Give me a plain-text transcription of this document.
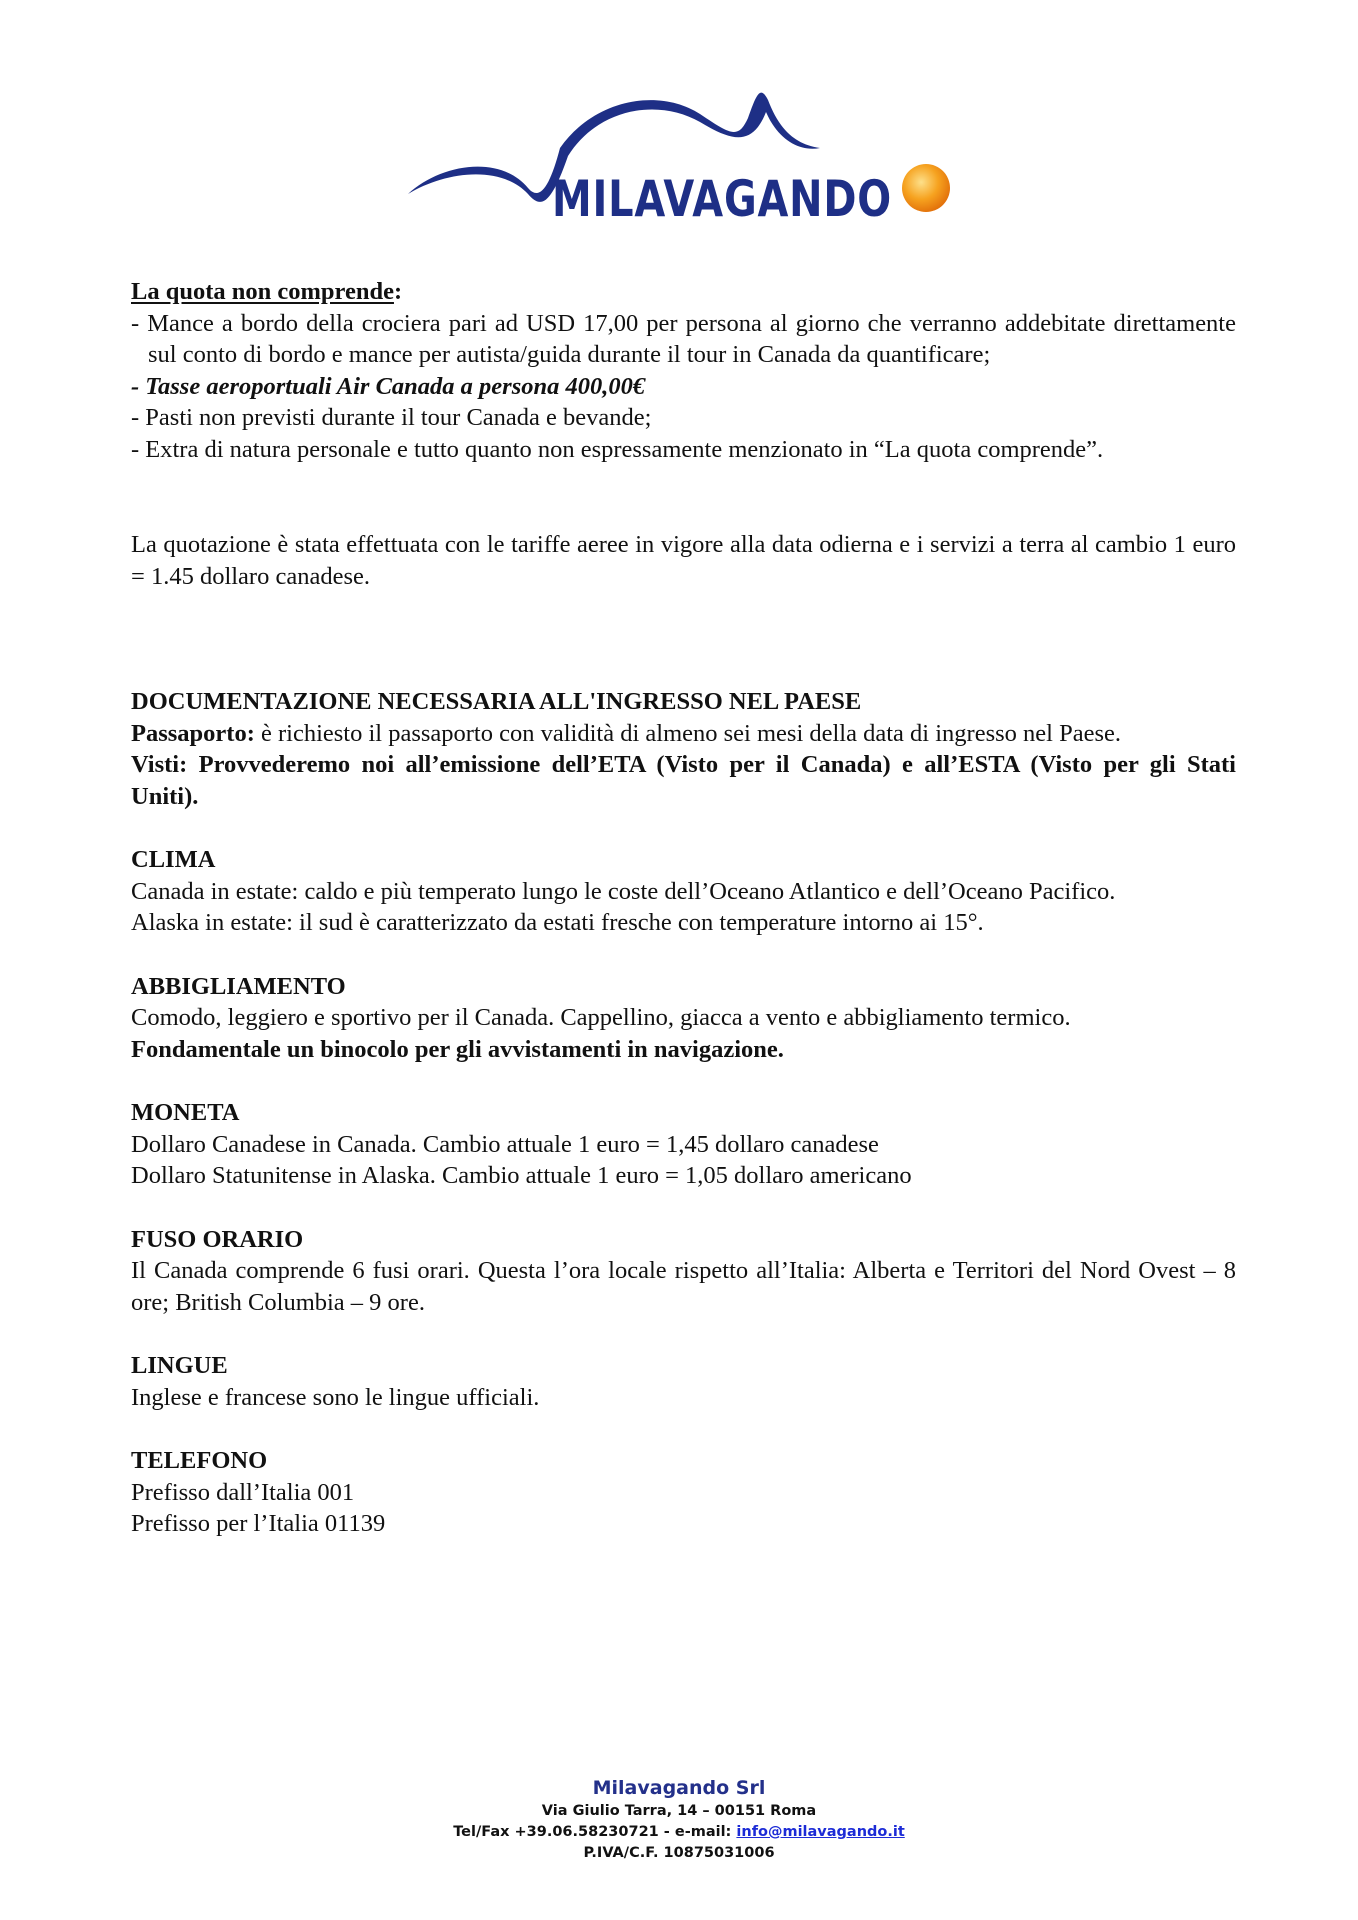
MILAVAGANDO

La quota non comprende:

- Mance a bordo della crociera pari ad USD 17,00 per persona al giorno che verranno addebitate direttamente sul conto di bordo e mance per autista/guida durante il tour in Canada da quantificare;
- Tasse aeroportuali Air Canada a persona 400,00€
- Pasti non previsti durante il tour Canada e bevande;
- Extra di natura personale e tutto quanto non espressamente menzionato in “La quota comprende”.

La quotazione è stata effettuata con le tariffe aeree in vigore alla data odierna e i servizi a terra al cambio 1 euro = 1.45 dollaro canadese.

DOCUMENTAZIONE NECESSARIA ALL'INGRESSO NEL PAESE

Passaporto: è richiesto il passaporto con validità di almeno sei mesi della data di ingresso nel Paese.

Visti: Provvederemo noi all’emissione dell’ETA (Visto per il Canada) e all’ESTA (Visto per gli Stati Uniti).

CLIMA

Canada in estate: caldo e più temperato lungo le coste dell’Oceano Atlantico e dell’Oceano Pacifico.

Alaska in estate: il sud è caratterizzato da estati fresche con temperature intorno ai 15°.

ABBIGLIAMENTO

Comodo, leggiero e sportivo per il Canada. Cappellino, giacca a vento e abbigliamento termico.

Fondamentale un binocolo per gli avvistamenti in navigazione.

MONETA

Dollaro Canadese in Canada. Cambio attuale 1 euro = 1,45 dollaro canadese

Dollaro Statunitense in Alaska. Cambio attuale 1 euro = 1,05 dollaro americano

FUSO ORARIO

Il Canada comprende 6 fusi orari. Questa l’ora locale rispetto all’Italia: Alberta e Territori del Nord Ovest – 8 ore; British Columbia – 9 ore.

LINGUE

Inglese e francese sono le lingue ufficiali.

TELEFONO

Prefisso dall’Italia 001

Prefisso per l’Italia 01139

Milavagando Srl
Via Giulio Tarra, 14 – 00151 Roma
Tel/Fax +39.06.58230721 - e-mail: info@milavagando.it
P.IVA/C.F. 10875031006
